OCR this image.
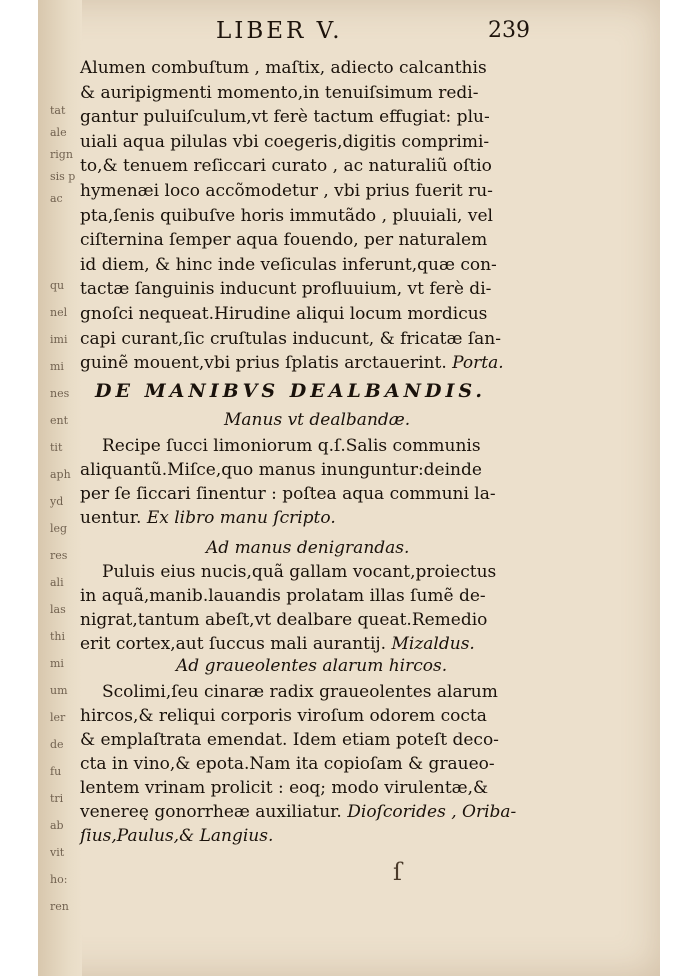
tat
ale
rign
sis p
ac
qu
nel
imi
mi
nes
ent
tit
aph
yd
leg
res
ali
las
thi
mi
um
ler
de
fu
tri
ab
vit
ho:
ren
LIBER V.	239
Alumen combuſtum , maſtix, adiecto calcanthis
& auripigmenti momento,in tenuiſsimum redi-
gantur puluiſculum,vt ferè tactum effugiat: plu-
uiali aqua pilulas vbi coegeris,digitis comprimi-
to,& tenuem reſiccari curato , ac naturaliũ oſtio
hymenæi loco accõmodetur , vbi prius fuerit ru-
pta,ſenis quibuſve horis immutãdo , pluuiali, vel
ciſternina ſemper aqua fouendo, per naturalem
id diem, & hinc inde veſiculas inferunt,quæ con-
tactæ ſanguinis inducunt profluuium, vt ferè di-
gnoſci nequeat.Hirudine aliqui locum mordicus
capi curant,ſic cruſtulas inducunt, & fricatæ ſan-
guinẽ mouent,vbi prius ſplatis arctauerint. Porta.
DE MANIBVS DEALBANDIS.
Manus vt dealbandæ.
Recipe ſucci limoniorum q.ſ.Salis communis
aliquantũ.Miſce,quo manus inunguntur:deinde
per ſe ſiccari ſinentur : poſtea aqua communi la-
uentur. Ex libro manu ſcripto.
Ad manus denigrandas.
Puluis eius nucis,quã gallam vocant,proiectus
in aquã,manib.lauandis prolatam illas ſumẽ de-
nigrat,tantum abeſt,vt dealbare queat.Remedio
erit cortex,aut ſuccus mali aurantij. Mizaldus.
Ad graueolentes alarum hircos.
Scolimi,ſeu cinaræ radix graueolentes alarum
hircos,& reliqui corporis viroſum odorem cocta
& emplaſtrata emendat. Idem etiam poteſt deco-
cta in vino,& epota.Nam ita copioſam & graueo-
lentem vrinam prolicit : eoq; modo virulentæ,&
venereę gonorrheæ auxiliatur. Dioſcorides , Oriba-
ſius,Paulus,& Langius.
ſ
